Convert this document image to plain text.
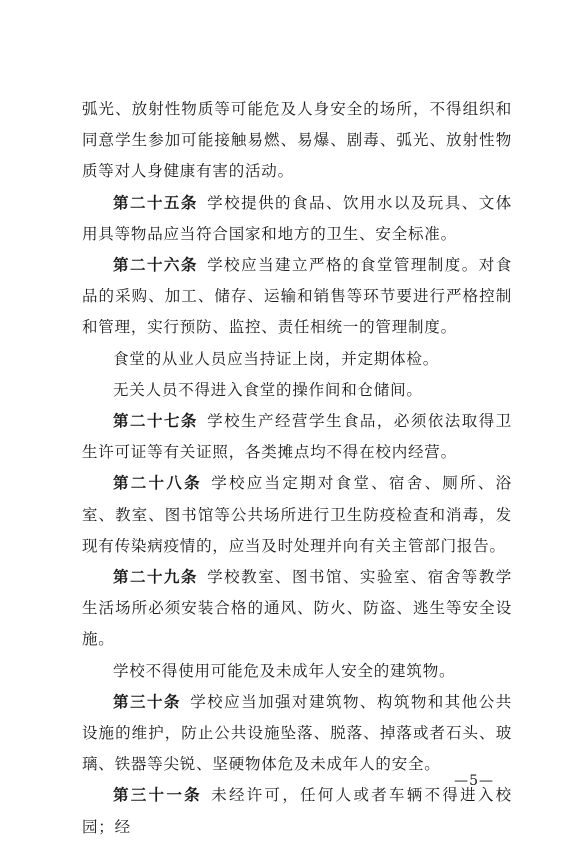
弧光、放射性物质等可能危及人身安全的场所，不得组织和同意学生参加可能接触易燃、易爆、剧毒、弧光、放射性物质等对人身健康有害的活动。

第二十五条 学校提供的食品、饮用水以及玩具、文体用具等物品应当符合国家和地方的卫生、安全标准。

第二十六条 学校应当建立严格的食堂管理制度。对食品的采购、加工、储存、运输和销售等环节要进行严格控制和管理，实行预防、监控、责任相统一的管理制度。

食堂的从业人员应当持证上岗，并定期体检。

无关人员不得进入食堂的操作间和仓储间。

第二十七条 学校生产经营学生食品，必须依法取得卫生许可证等有关证照，各类摊点均不得在校内经营。

第二十八条 学校应当定期对食堂、宿舍、厕所、浴室、教室、图书馆等公共场所进行卫生防疫检查和消毒，发现有传染病疫情的，应当及时处理并向有关主管部门报告。

第二十九条 学校教室、图书馆、实验室、宿舍等教学生活场所必须安装合格的通风、防火、防盗、逃生等安全设施。

学校不得使用可能危及未成年人安全的建筑物。

第三十条 学校应当加强对建筑物、构筑物和其他公共设施的维护，防止公共设施坠落、脱落、掉落或者石头、玻璃、铁器等尖锐、坚硬物体危及未成年人的安全。

第三十一条 未经许可，任何人或者车辆不得进入校园；经

—5—
